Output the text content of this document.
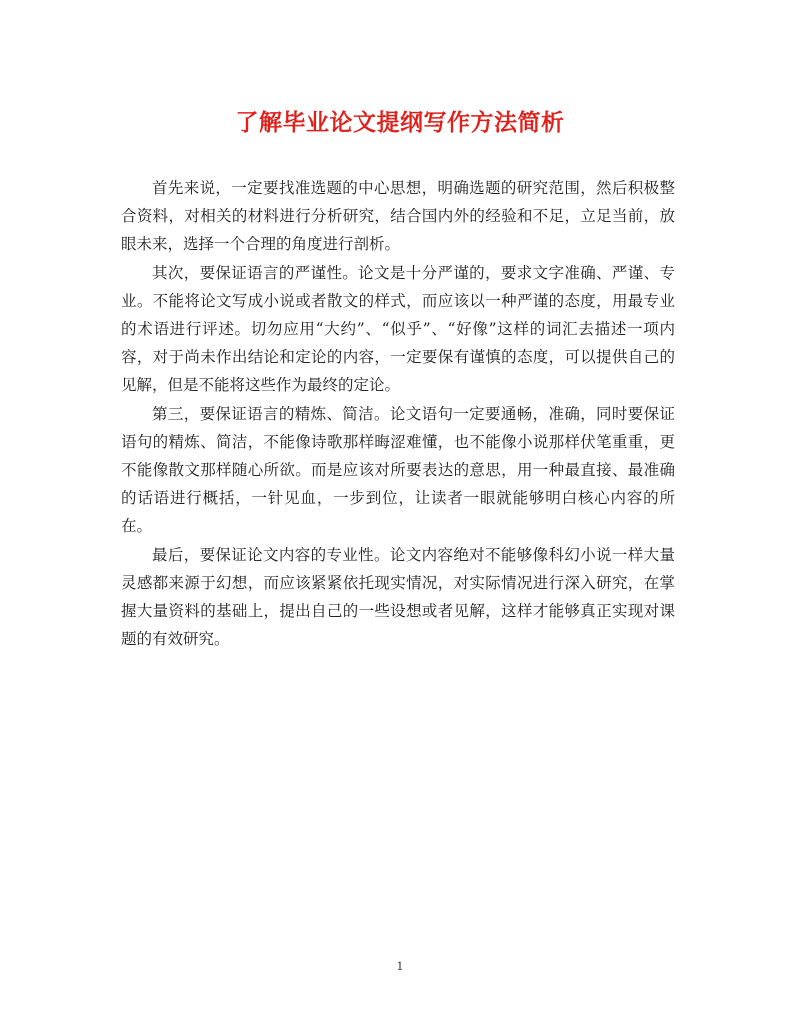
了解毕业论文提纲写作方法简析

首先来说，一定要找准选题的中心思想，明确选题的研究范围，然后积极整合资料，对相关的材料进行分析研究，结合国内外的经验和不足，立足当前，放眼未来，选择一个合理的角度进行剖析。

其次，要保证语言的严谨性。论文是十分严谨的，要求文字准确、严谨、专业。不能将论文写成小说或者散文的样式，而应该以一种严谨的态度，用最专业的术语进行评述。切勿应用“大约”、“似乎”、“好像”这样的词汇去描述一项内容，对于尚未作出结论和定论的内容，一定要保有谨慎的态度，可以提供自己的见解，但是不能将这些作为最终的定论。

第三，要保证语言的精炼、简洁。论文语句一定要通畅，准确，同时要保证语句的精炼、简洁，不能像诗歌那样晦涩难懂，也不能像小说那样伏笔重重，更不能像散文那样随心所欲。而是应该对所要表达的意思，用一种最直接、最准确的话语进行概括，一针见血，一步到位，让读者一眼就能够明白核心内容的所在。

最后，要保证论文内容的专业性。论文内容绝对不能够像科幻小说一样大量灵感都来源于幻想，而应该紧紧依托现实情况，对实际情况进行深入研究，在掌握大量资料的基础上，提出自己的一些设想或者见解，这样才能够真正实现对课题的有效研究。

1
